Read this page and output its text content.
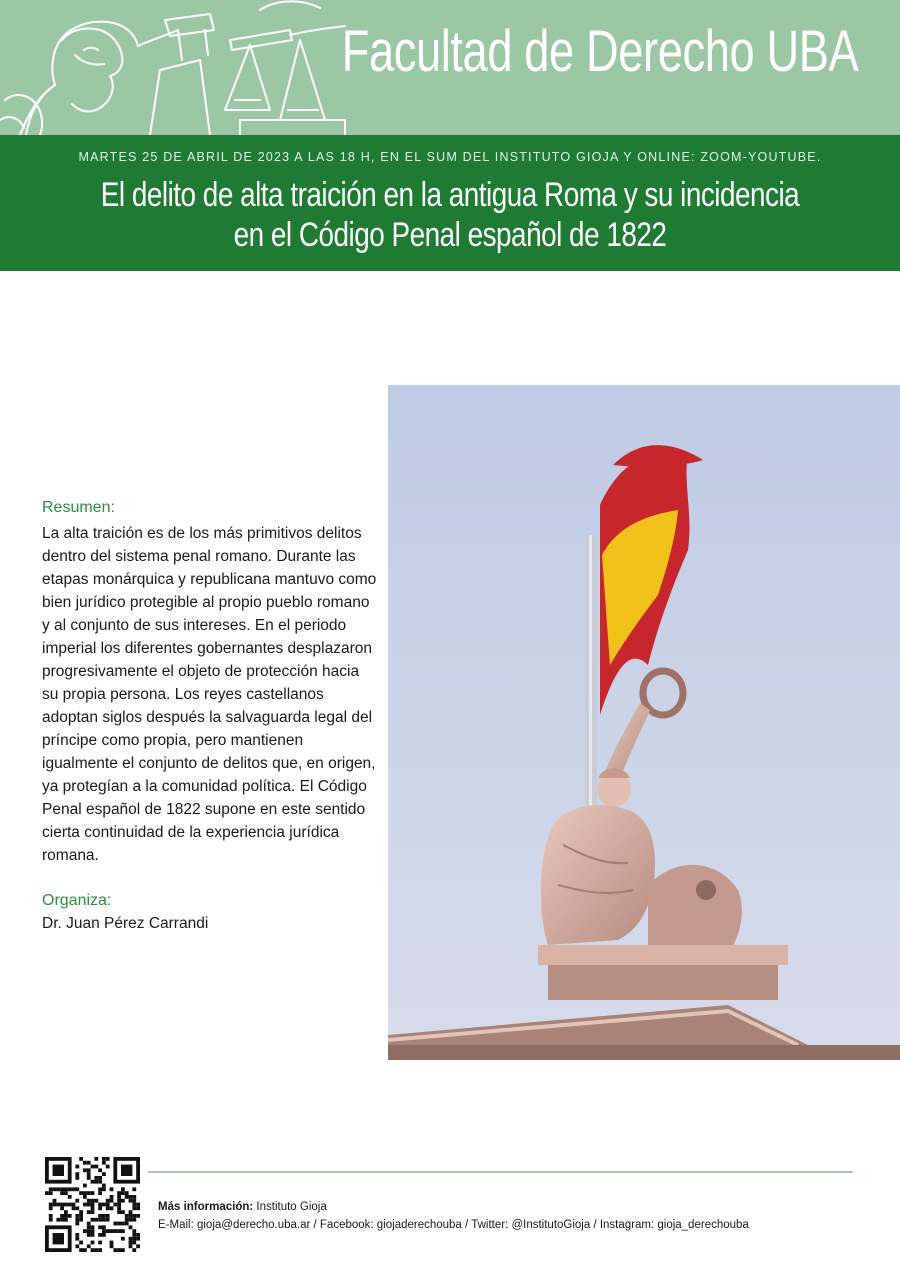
Facultad de Derecho UBA
MARTES 25 DE ABRIL DE 2023 A LAS 18 H, EN EL SUM DEL INSTITUTO GIOJA Y ONLINE: ZOOM-YOUTUBE.
El delito de alta traición en la antigua Roma y su incidencia
en el Código Penal español de 1822
Resumen:
La alta traición es de los más primitivos delitos dentro del sistema penal romano. Durante las etapas monárquica y republicana mantuvo como bien jurídico protegible al propio pueblo romano y al conjunto de sus intereses. En el periodo imperial los diferentes gobernantes desplazaron progresivamente el objeto de protección hacia su propia persona. Los reyes castellanos adoptan siglos después la salvaguarda legal del príncipe como propia, pero mantienen igualmente el conjunto de delitos que, en origen, ya protegían a la comunidad política. El Código Penal español de 1822 supone en este sentido cierta continuidad de la experiencia jurídica romana.
Organiza:
Dr. Juan Pérez Carrandi
Más información: Instituto Gioja
E-Mail: gioja@derecho.uba.ar / Facebook: giojaderechouba / Twitter: @InstitutoGioja / Instagram: gioja_derechouba
